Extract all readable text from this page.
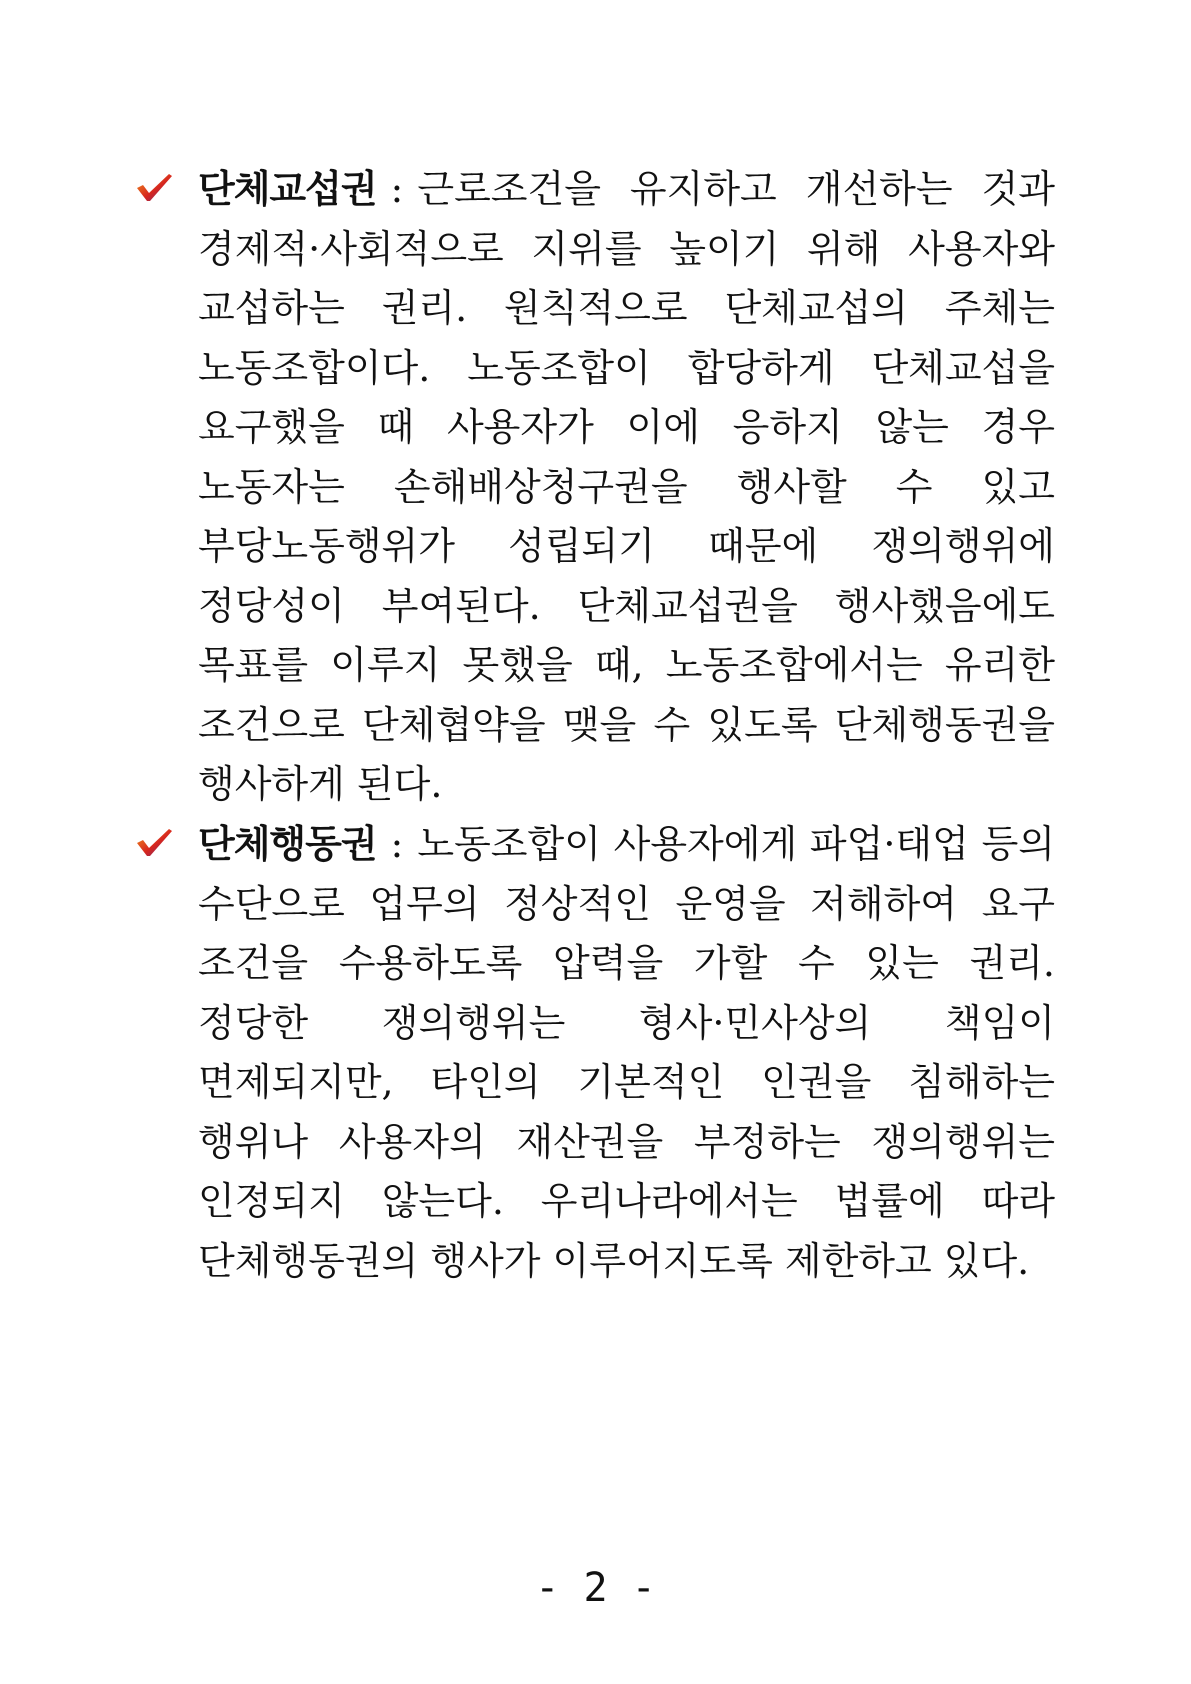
단체교섭권 : 근로조건을 유지하고 개선하는 것과 경제적·사회적으로 지위를 높이기 위해 사용자와 교섭하는 권리. 원칙적으로 단체교섭의 주체는 노동조합이다. 노동조합이 합당하게 단체교섭을 요구했을 때 사용자가 이에 응하지 않는 경우 노동자는 손해배상청구권을 행사할 수 있고 부당노동행위가 성립되기 때문에 쟁의행위에 정당성이 부여된다. 단체교섭권을 행사했음에도 목표를 이루지 못했을 때, 노동조합에서는 유리한 조건으로 단체협약을 맺을 수 있도록 단체행동권을 행사하게 된다.

단체행동권 : 노동조합이 사용자에게 파업·태업 등의 수단으로 업무의 정상적인 운영을 저해하여 요구 조건을 수용하도록 압력을 가할 수 있는 권리. 정당한 쟁의행위는 형사·민사상의 책임이 면제되지만, 타인의 기본적인 인권을 침해하는 행위나 사용자의 재산권을 부정하는 쟁의행위는 인정되지 않는다. 우리나라에서는 법률에 따라 단체행동권의 행사가 이루어지도록 제한하고 있다.

- 2 -
